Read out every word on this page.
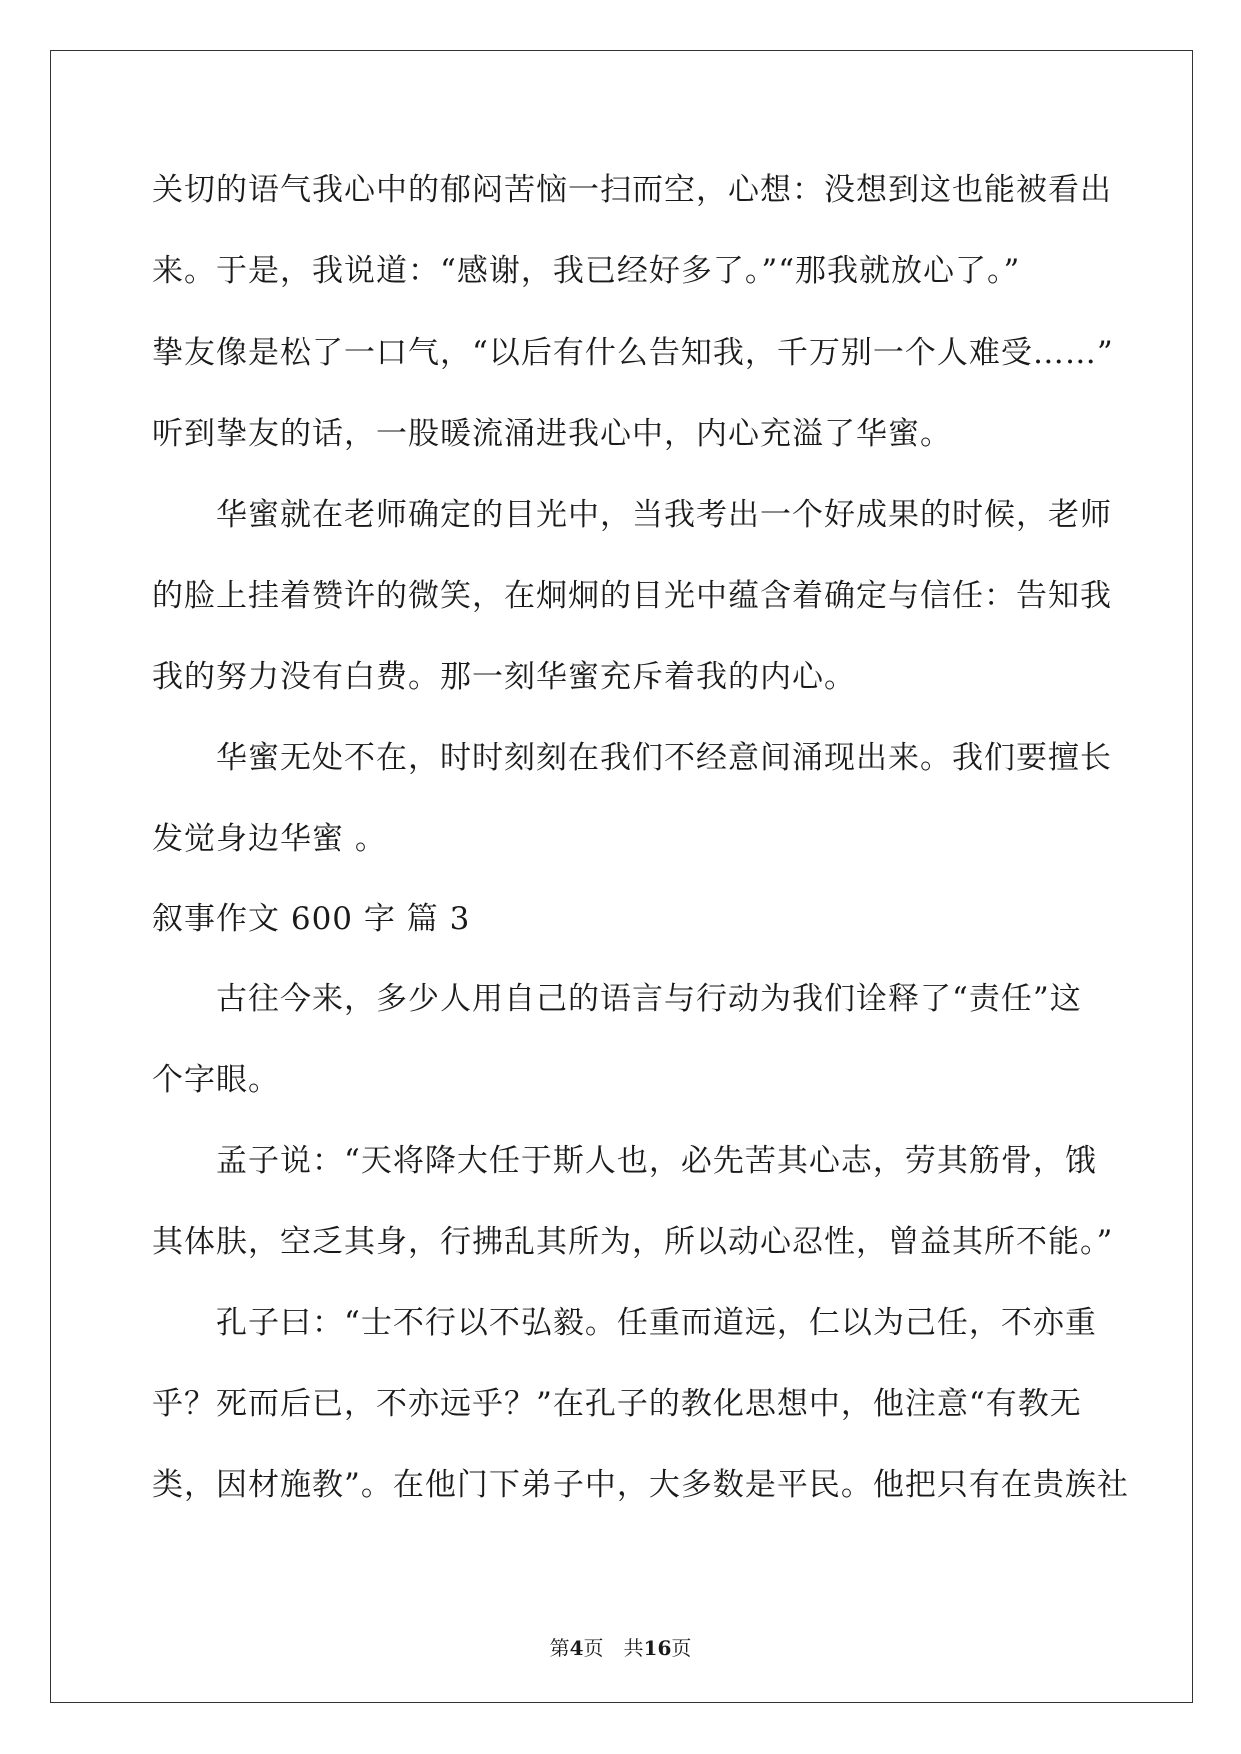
关切的语气我心中的郁闷苦恼一扫而空，心想：没想到这也能被看出
来。于是，我说道：“感谢，我已经好多了。”“那我就放心了。”
挚友像是松了一口气，“以后有什么告知我，千万别一个人难受……”
听到挚友的话，一股暖流涌进我心中，内心充溢了华蜜。
华蜜就在老师确定的目光中，当我考出一个好成果的时候，老师
的脸上挂着赞许的微笑，在炯炯的目光中蕴含着确定与信任：告知我
我的努力没有白费。那一刻华蜜充斥着我的内心。
华蜜无处不在，时时刻刻在我们不经意间涌现出来。我们要擅长
发觉身边华蜜 。
叙事作文 600 字 篇 3
古往今来，多少人用自己的语言与行动为我们诠释了“责任”这
个字眼。
孟子说：“天将降大任于斯人也，必先苦其心志，劳其筋骨，饿
其体肤，空乏其身，行拂乱其所为，所以动心忍性，曾益其所不能。”
孔子曰：“士不行以不弘毅。任重而道远，仁以为己任，不亦重
乎？死而后已，不亦远乎？”在孔子的教化思想中，他注意“有教无
类，因材施教”。在他门下弟子中，大多数是平民。他把只有在贵族社
第4页　共16页
